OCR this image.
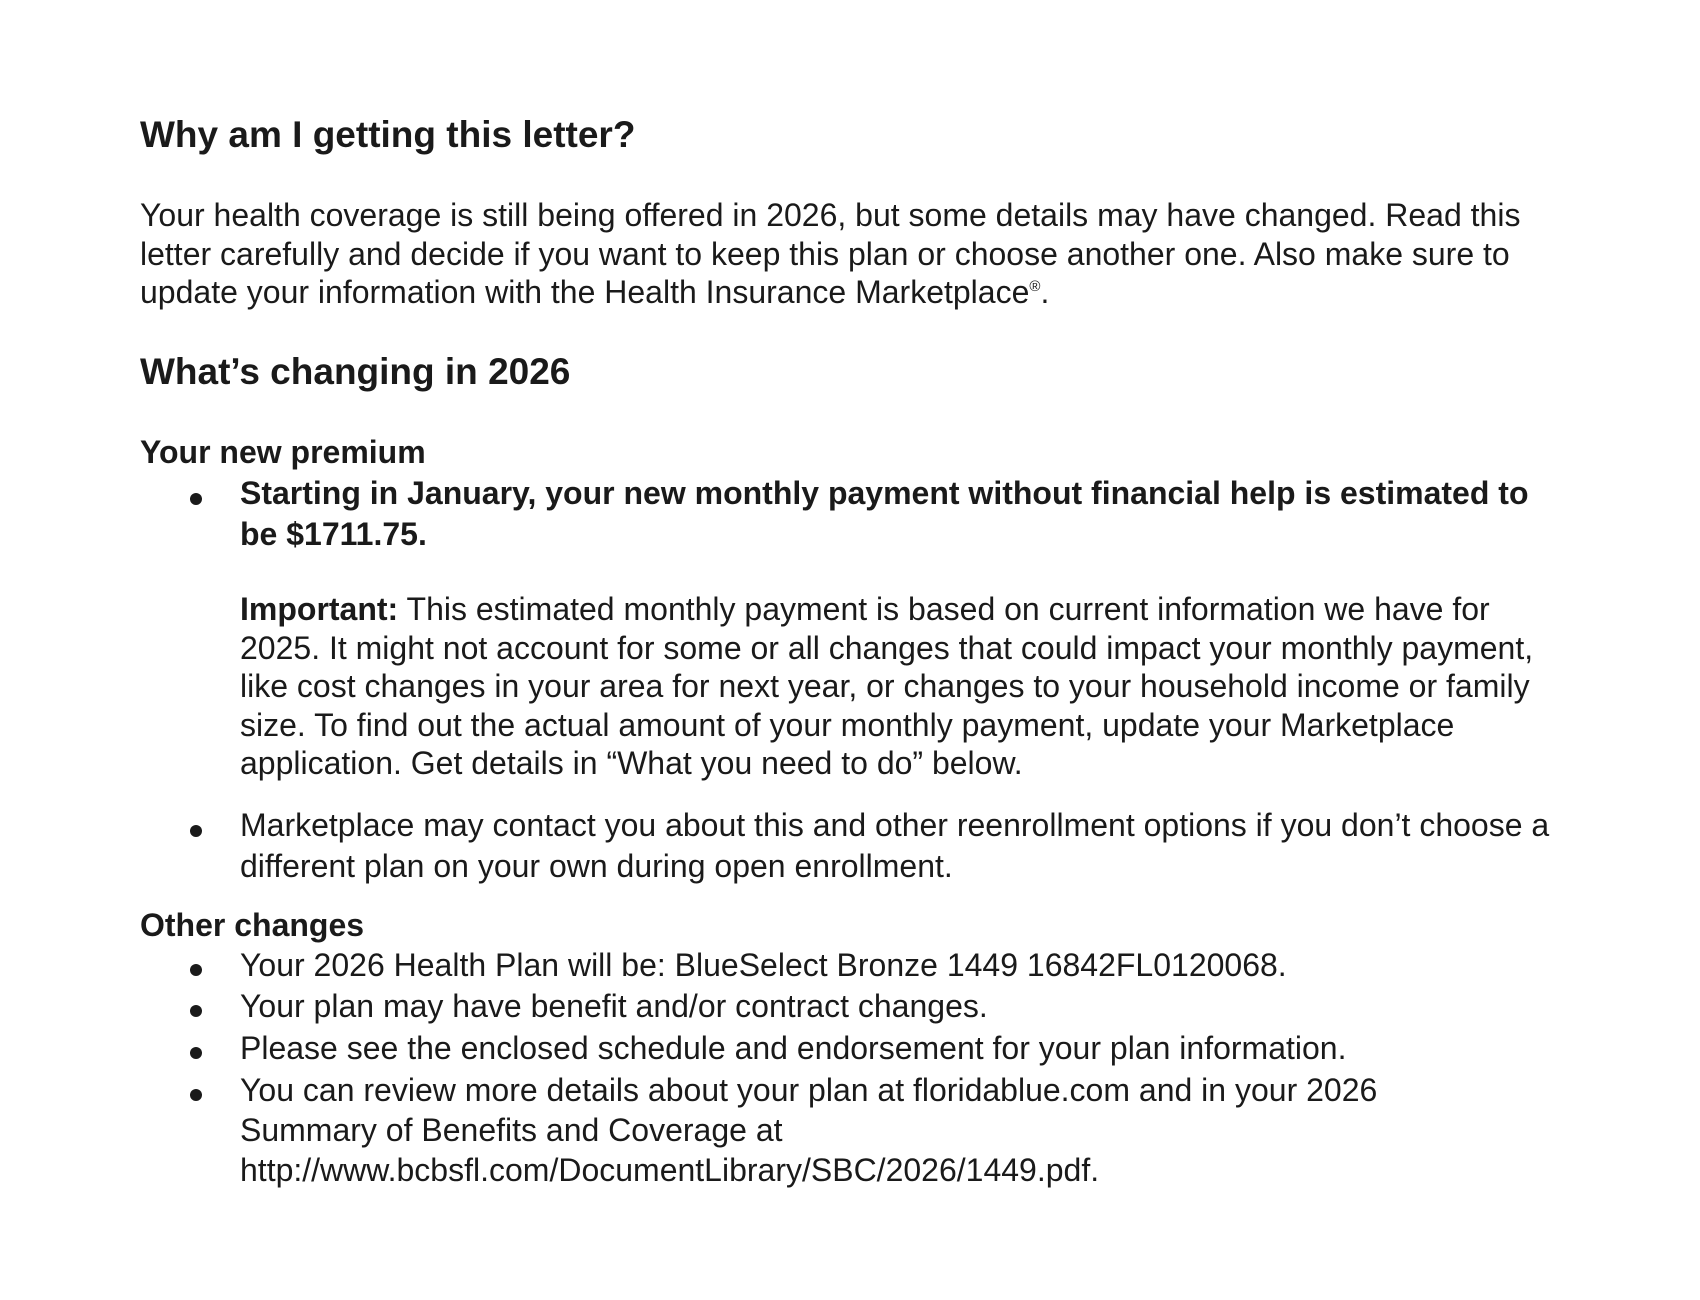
Why am I getting this letter?

Your health coverage is still being offered in 2026, but some details may have changed. Read this letter carefully and decide if you want to keep this plan or choose another one. Also make sure to update your information with the Health Insurance Marketplace®.

What’s changing in 2026
Your new premium

Starting in January, your new monthly payment without financial help is estimated to be $1711.75.

Important: This estimated monthly payment is based on current information we have for 2025. It might not account for some or all changes that could impact your monthly payment, like cost changes in your area for next year, or changes to your household income or family size. To find out the actual amount of your monthly payment, update your Marketplace application. Get details in “What you need to do” below.

Marketplace may contact you about this and other reenrollment options if you don’t choose a different plan on your own during open enrollment.

Other changes

Your 2026 Health Plan will be: BlueSelect Bronze 1449 16842FL0120068.

Your plan may have benefit and/or contract changes.

Please see the enclosed schedule and endorsement for your plan information.

You can review more details about your plan at floridablue.com and in your 2026

Summary of Benefits and Coverage at

http://www.bcbsfl.com/DocumentLibrary/SBC/2026/1449.pdf.
